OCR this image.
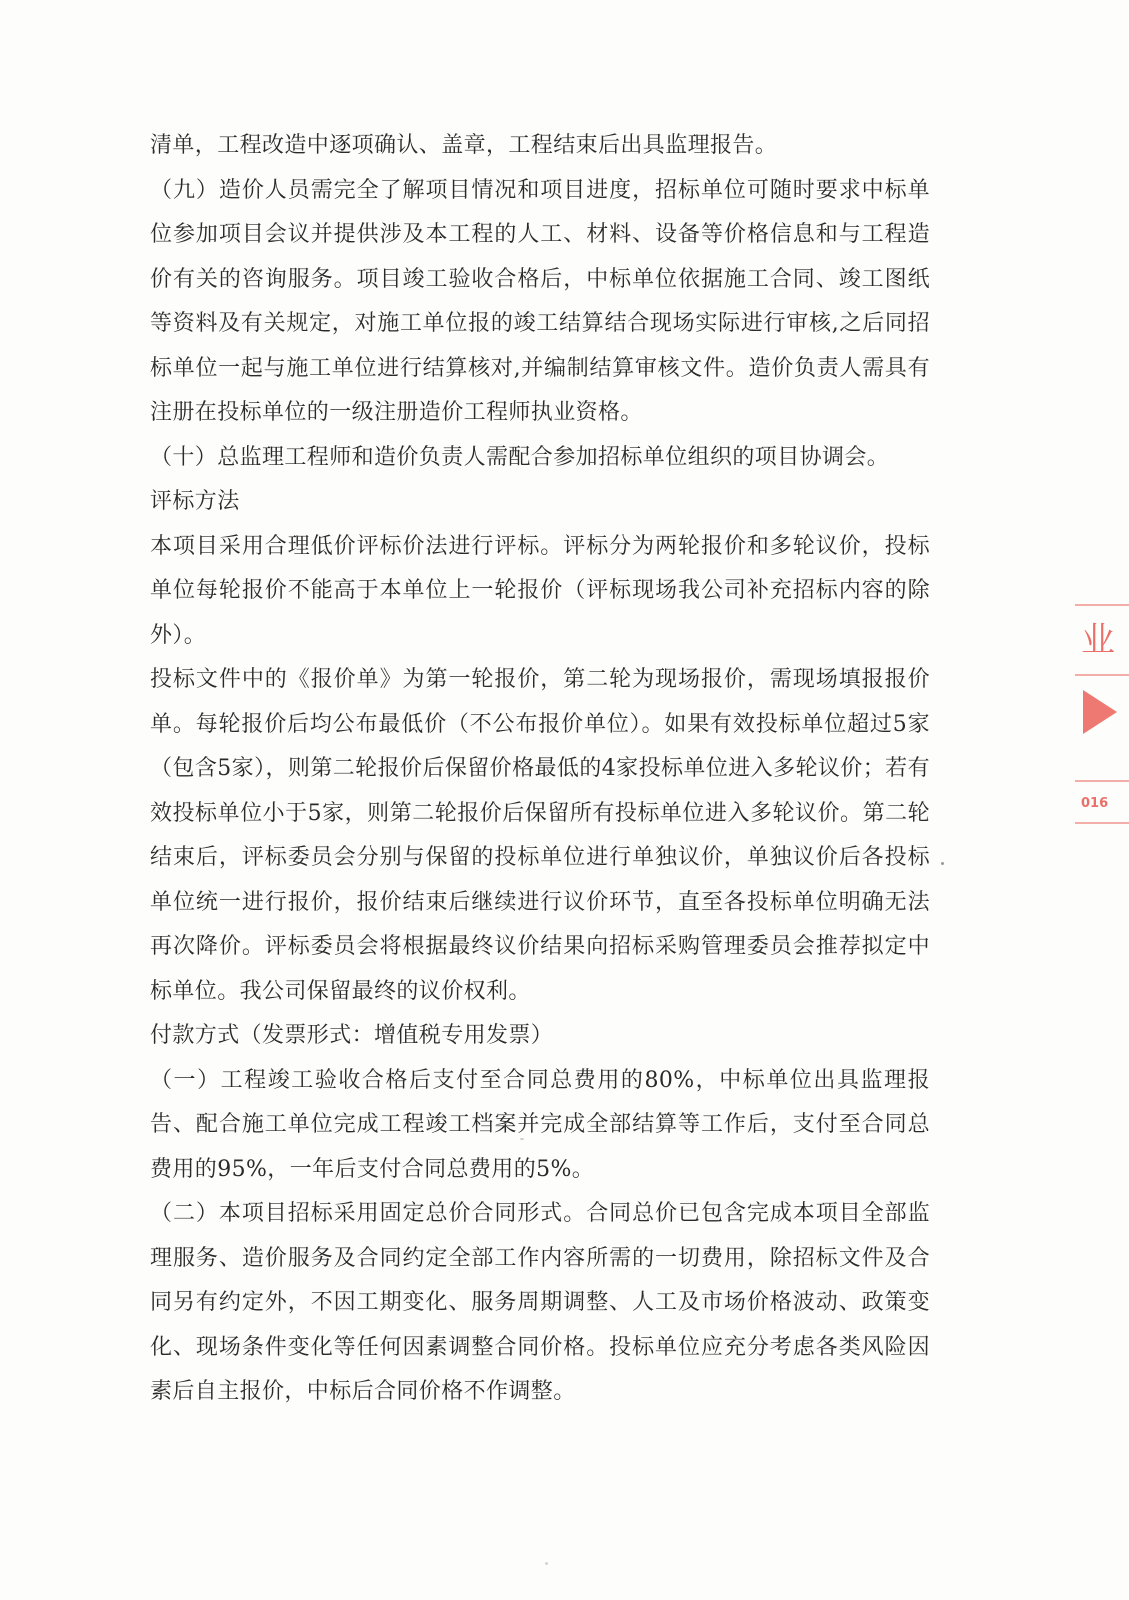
清单，工程改造中逐项确认、盖章，工程结束后出具监理报告。

（九）造价人员需完全了解项目情况和项目进度，招标单位可随时要求中标单位参加项目会议并提供涉及本工程的人工、材料、设备等价格信息和与工程造价有关的咨询服务。项目竣工验收合格后，中标单位依据施工合同、竣工图纸等资料及有关规定，对施工单位报的竣工结算结合现场实际进行审核,之后同招标单位一起与施工单位进行结算核对,并编制结算审核文件。造价负责人需具有注册在投标单位的一级注册造价工程师执业资格。

（十）总监理工程师和造价负责人需配合参加招标单位组织的项目协调会。

评标方法

本项目采用合理低价评标价法进行评标。评标分为两轮报价和多轮议价，投标单位每轮报价不能高于本单位上一轮报价（评标现场我公司补充招标内容的除外）。

投标文件中的《报价单》为第一轮报价，第二轮为现场报价，需现场填报报价单。每轮报价后均公布最低价（不公布报价单位）。如果有效投标单位超过5家（包含5家），则第二轮报价后保留价格最低的4家投标单位进入多轮议价；若有效投标单位小于5家，则第二轮报价后保留所有投标单位进入多轮议价。第二轮结束后，评标委员会分别与保留的投标单位进行单独议价，单独议价后各投标单位统一进行报价，报价结束后继续进行议价环节，直至各投标单位明确无法再次降价。评标委员会将根据最终议价结果向招标采购管理委员会推荐拟定中标单位。我公司保留最终的议价权利。

付款方式（发票形式：增值税专用发票）

（一）工程竣工验收合格后支付至合同总费用的80%，中标单位出具监理报告、配合施工单位完成工程竣工档案并完成全部结算等工作后，支付至合同总费用的95%，一年后支付合同总费用的5%。

（二）本项目招标采用固定总价合同形式。合同总价已包含完成本项目全部监理服务、造价服务及合同约定全部工作内容所需的一切费用，除招标文件及合同另有约定外，不因工期变化、服务周期调整、人工及市场价格波动、政策变化、现场条件变化等任何因素调整合同价格。投标单位应充分考虑各类风险因素后自主报价，中标后合同价格不作调整。

业
016
